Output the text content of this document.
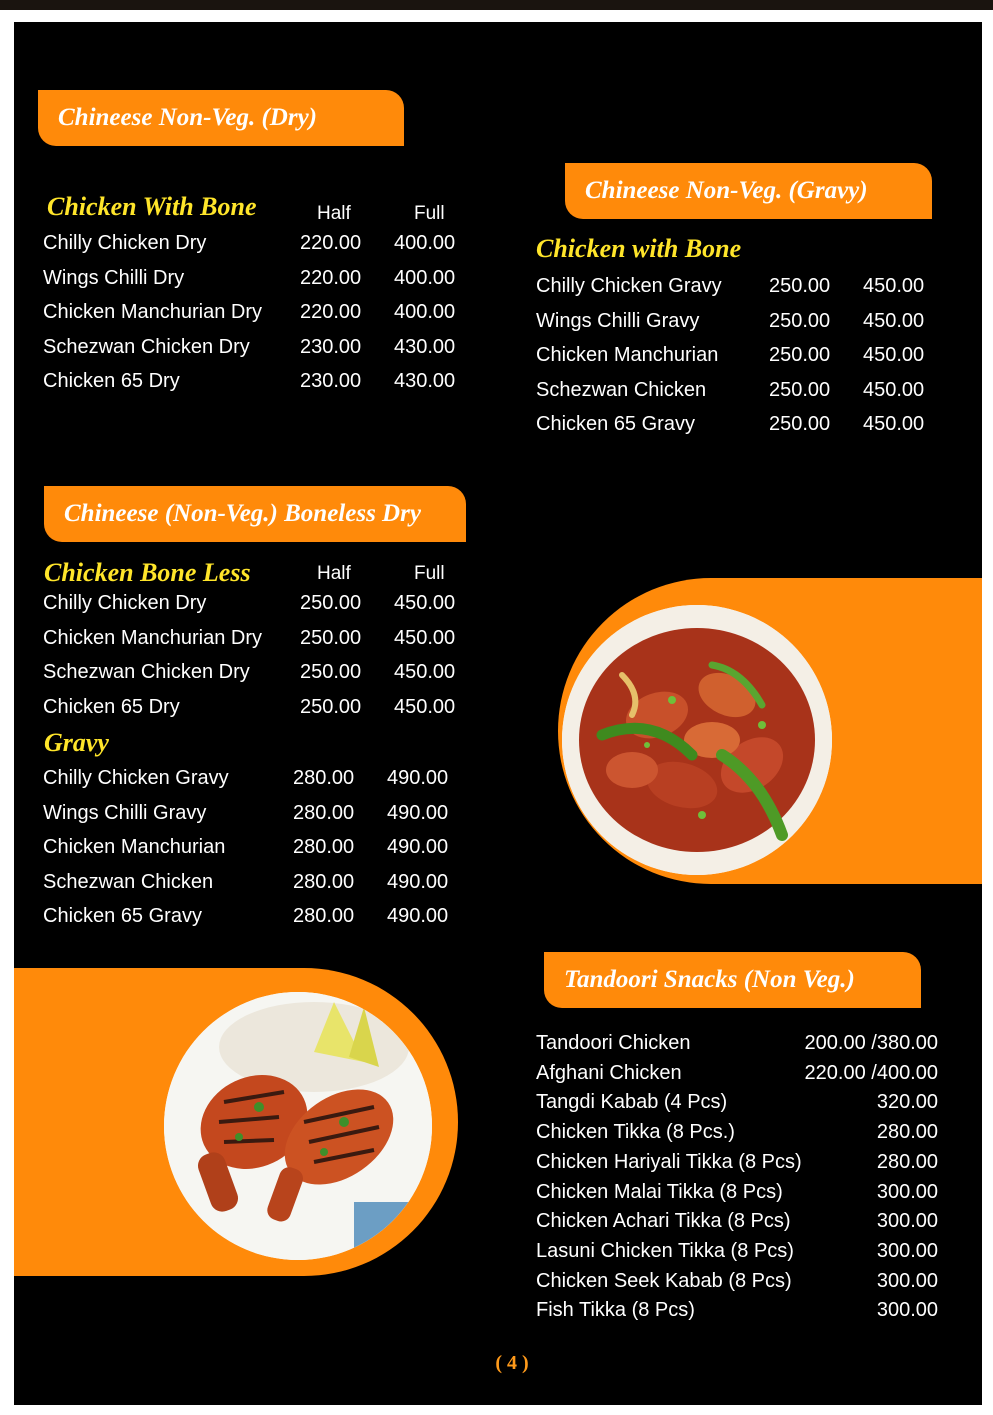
Chineese Non-Veg. (Dry)
Chicken With Bone	Half	Full
Chilly Chicken Dry	220.00 400.00
Wings Chilli Dry	220.00 400.00
Chicken Manchurian Dry 220.00 400.00
Schezwan Chicken Dry	230.00 430.00
Chicken 65 Dry	230.00 430.00
Chineese Non-Veg. (Gravy)
Chicken with Bone
Chilly Chicken Gravy 250.00 450.00
Wings Chilli Gravy	250.00 450.00
Chicken Manchurian	250.00 450.00
Schezwan Chicken	250.00 450.00
Chicken 65 Gravy	250.00 450.00
Chineese (Non-Veg.) Boneless Dry
Chicken Bone Less	Half	Full
Chilly Chicken Dry	250.00 450.00
Chicken Manchurian Dry 250.00 450.00
Schezwan Chicken Dry	250.00 450.00
Chicken 65 Dry	250.00 450.00
Gravy
Chilly Chicken Gravy	280.00 490.00
Wings Chilli Gravy	280.00 490.00
Chicken Manchurian	280.00 490.00
Schezwan Chicken	280.00 490.00
Chicken 65 Gravy	280.00 490.00
Tandoori Snacks (Non Veg.)
Tandoori Chicken	200.00 /380.00
Afghani Chicken	220.00 /400.00
Tangdi Kabab (4 Pcs)	320.00
Chicken Tikka (8 Pcs.)	280.00
Chicken Hariyali Tikka (8 Pcs)	280.00
Chicken Malai Tikka (8 Pcs)	300.00
Chicken Achari Tikka (8 Pcs)	300.00
Lasuni Chicken Tikka (8 Pcs)	300.00
Chicken Seek Kabab (8 Pcs)	300.00
Fish Tikka (8 Pcs)	300.00
( 4 )
